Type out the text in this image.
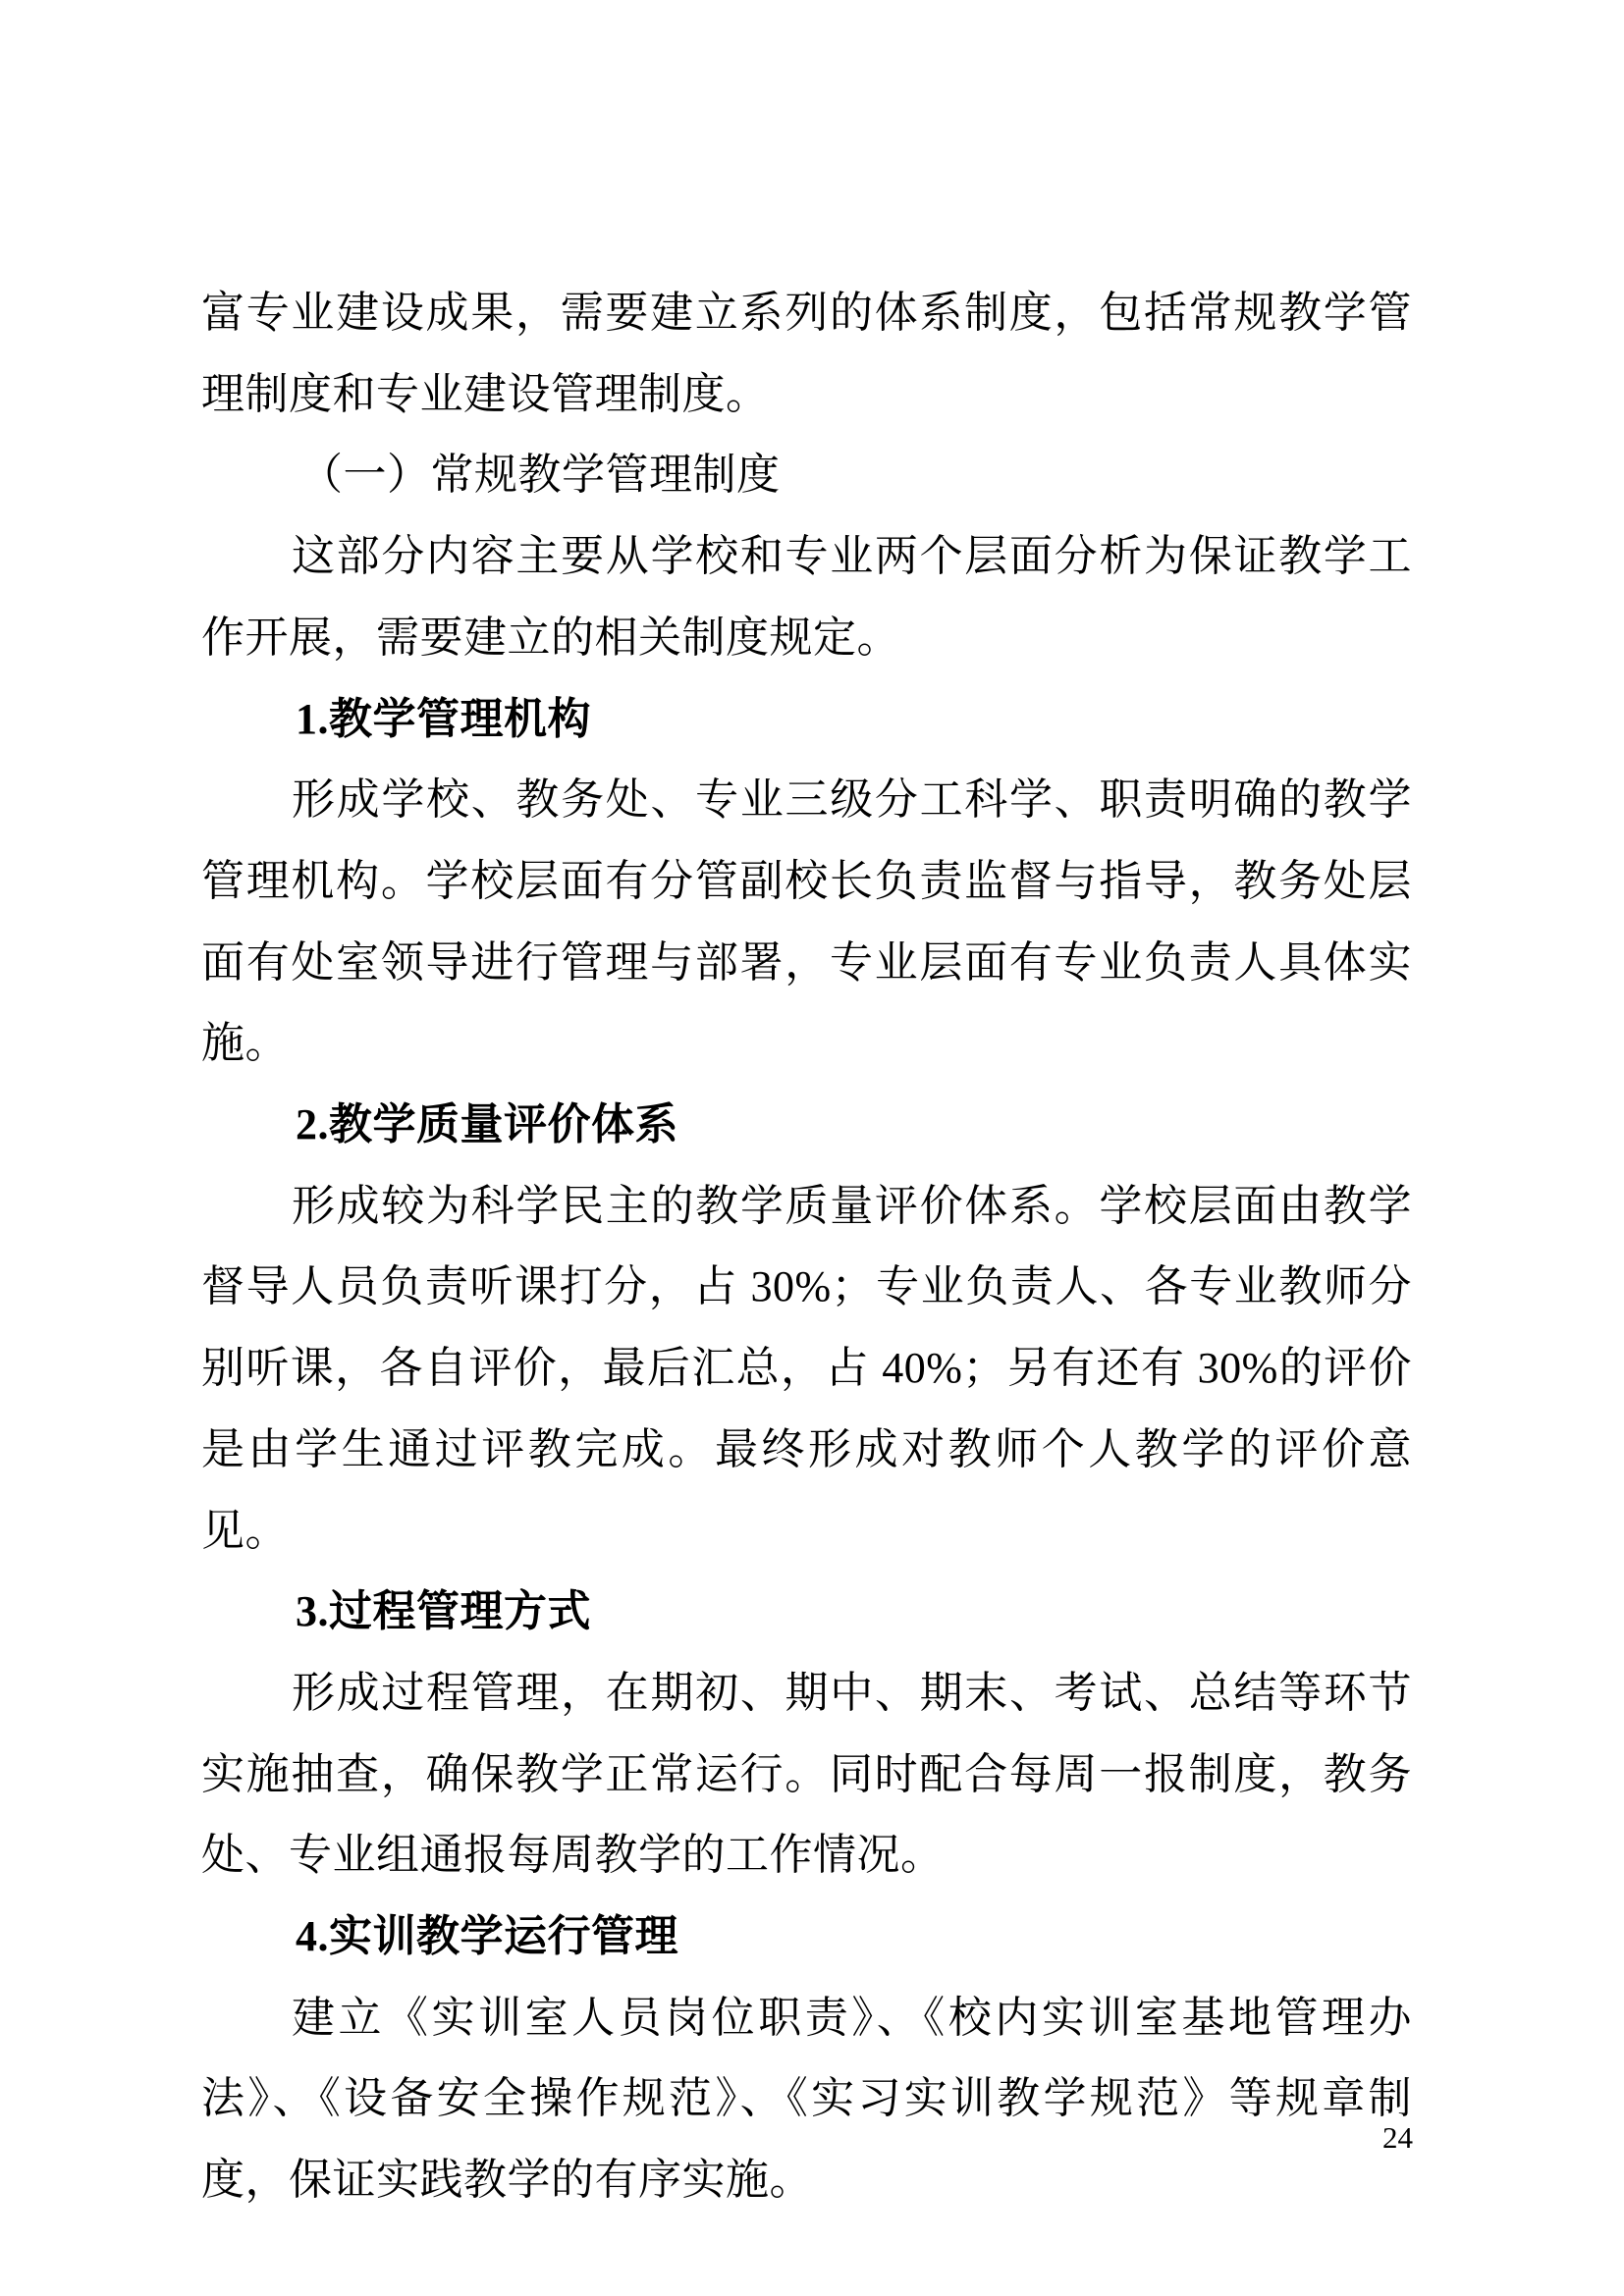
富专业建设成果，需要建立系列的体系制度，包括常规教学管理制度和专业建设管理制度。

（一）常规教学管理制度

这部分内容主要从学校和专业两个层面分析为保证教学工作开展，需要建立的相关制度规定。

1.教学管理机构

形成学校、教务处、专业三级分工科学、职责明确的教学管理机构。学校层面有分管副校长负责监督与指导，教务处层面有处室领导进行管理与部署，专业层面有专业负责人具体实施。

2.教学质量评价体系

形成较为科学民主的教学质量评价体系。学校层面由教学督导人员负责听课打分，占 30%；专业负责人、各专业教师分别听课，各自评价，最后汇总，占 40%；另有还有 30%的评价是由学生通过评教完成。最终形成对教师个人教学的评价意见。

3.过程管理方式

形成过程管理，在期初、期中、期末、考试、总结等环节实施抽查，确保教学正常运行。同时配合每周一报制度，教务处、专业组通报每周教学的工作情况。

4.实训教学运行管理

建立《实训室人员岗位职责》、《校内实训室基地管理办法》、《设备安全操作规范》、《实习实训教学规范》等规章制度，保证实践教学的有序实施。

24
